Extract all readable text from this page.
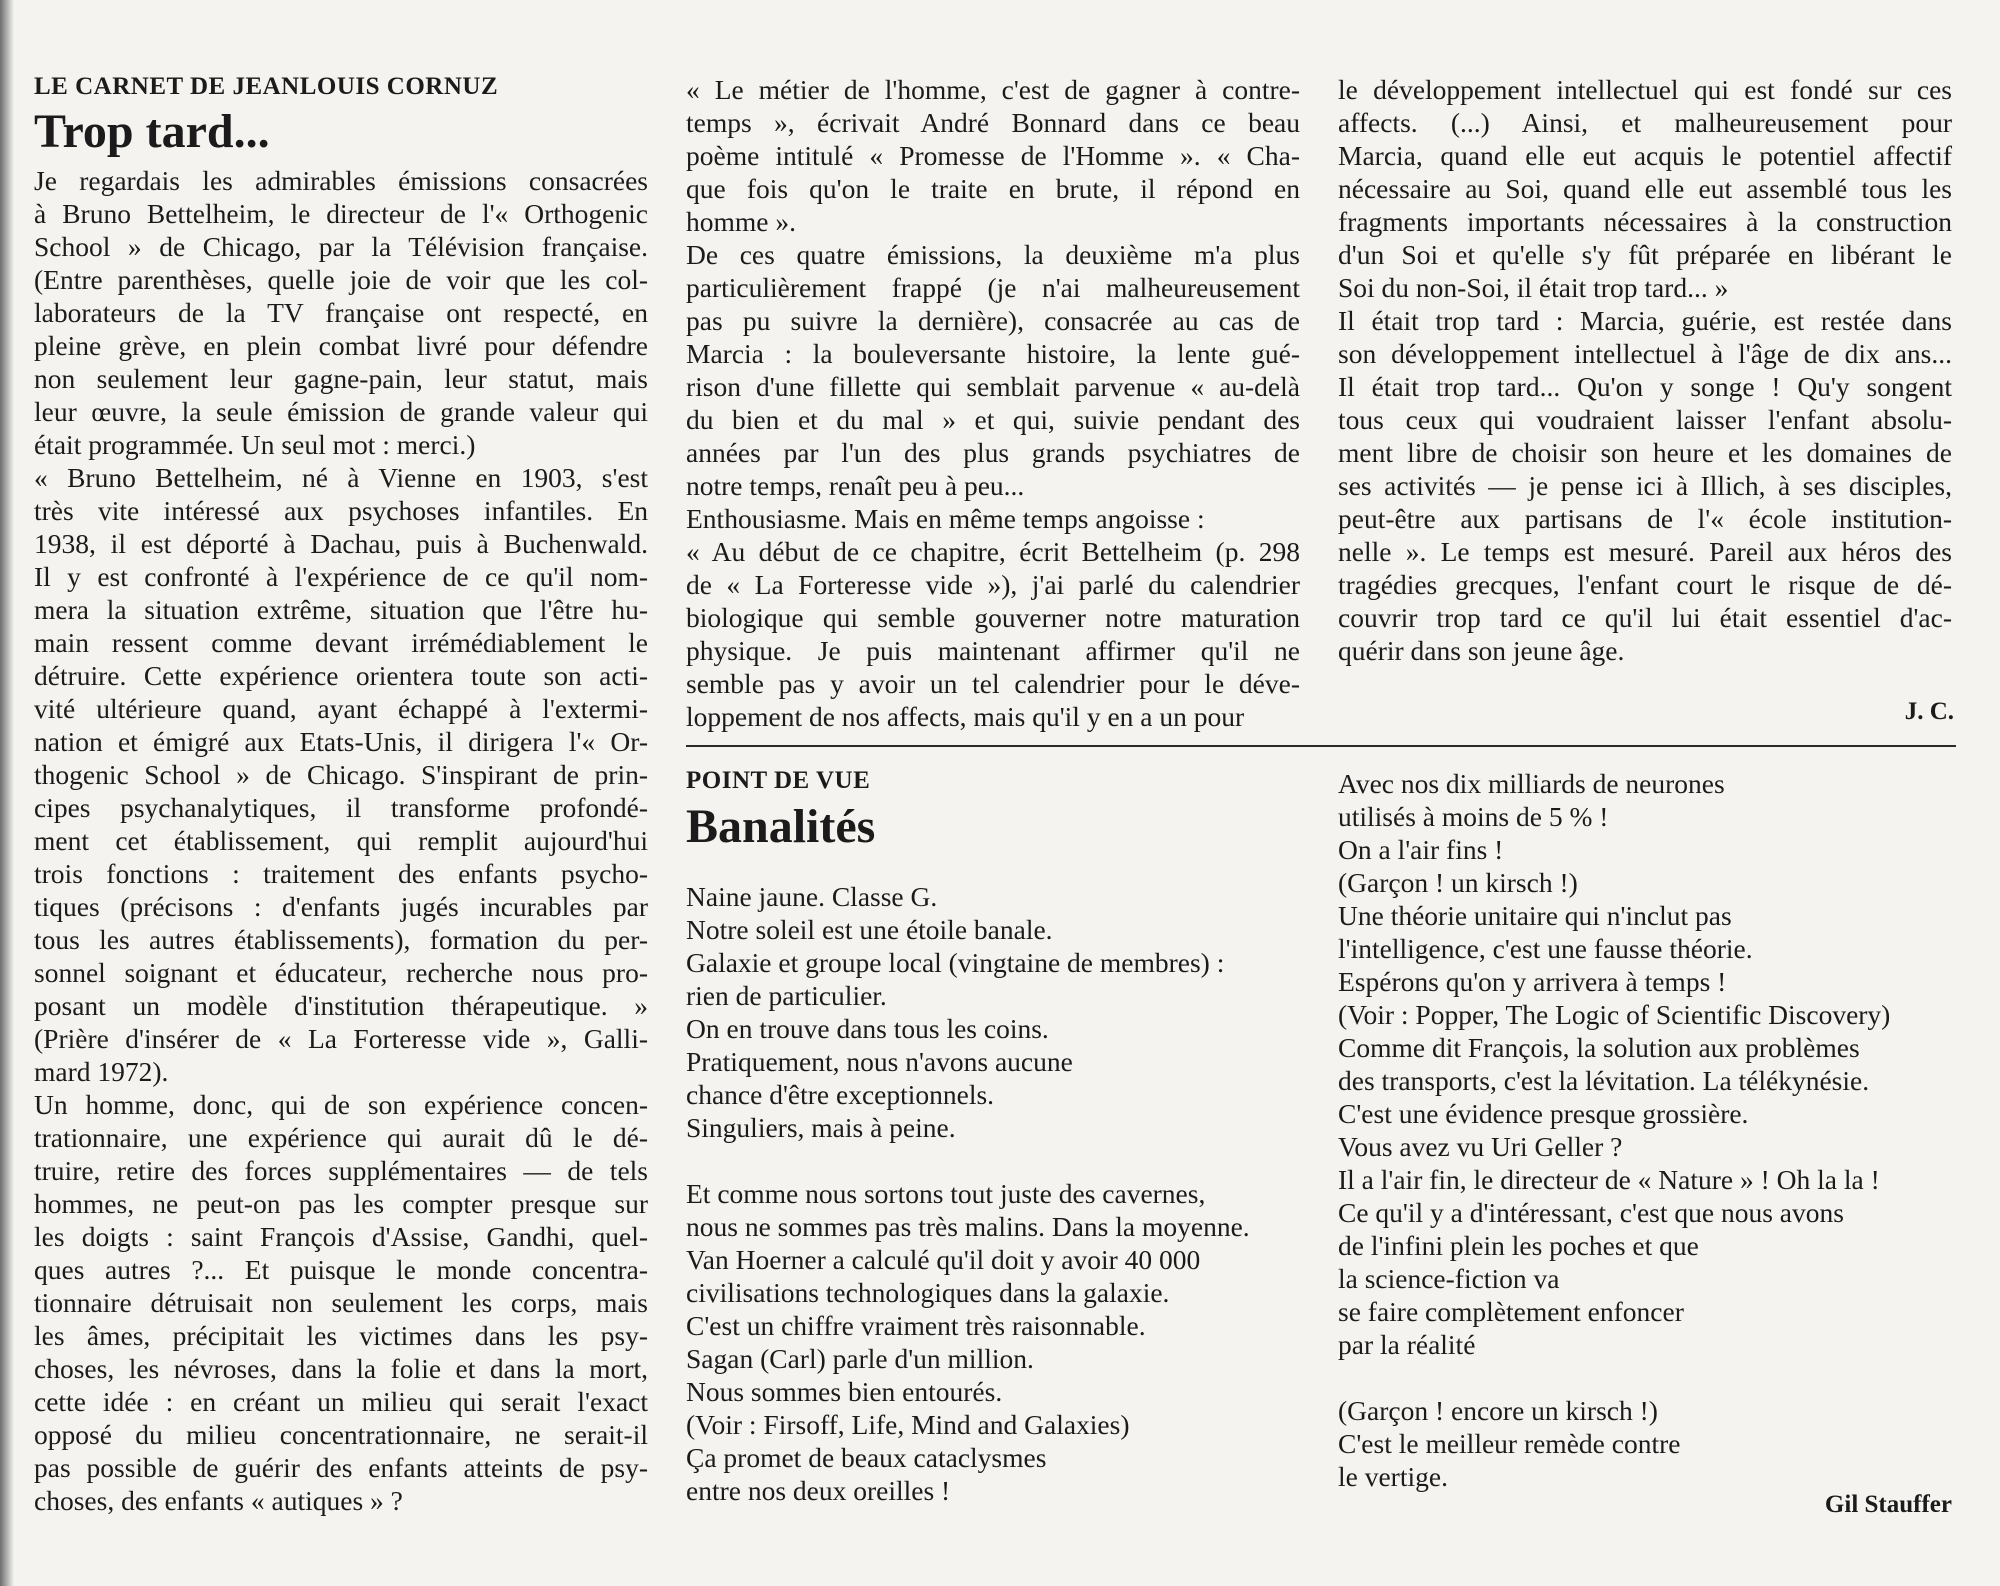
LE CARNET DE JEANLOUIS CORNUZ
Trop tard...
Je regardais les admirables émissions consacrées
à Bruno Bettelheim, le directeur de l'« Orthogenic
School » de Chicago, par la Télévision française.
(Entre parenthèses, quelle joie de voir que les col-
laborateurs de la TV française ont respecté, en
pleine grève, en plein combat livré pour défendre
non seulement leur gagne-pain, leur statut, mais
leur œuvre, la seule émission de grande valeur qui
était programmée. Un seul mot : merci.)
« Bruno Bettelheim, né à Vienne en 1903, s'est
très vite intéressé aux psychoses infantiles. En
1938, il est déporté à Dachau, puis à Buchenwald.
Il y est confronté à l'expérience de ce qu'il nom-
mera la situation extrême, situation que l'être hu-
main ressent comme devant irrémédiablement le
détruire. Cette expérience orientera toute son acti-
vité ultérieure quand, ayant échappé à l'extermi-
nation et émigré aux Etats-Unis, il dirigera l'« Or-
thogenic School » de Chicago. S'inspirant de prin-
cipes psychanalytiques, il transforme profondé-
ment cet établissement, qui remplit aujourd'hui
trois fonctions : traitement des enfants psycho-
tiques (précisons : d'enfants jugés incurables par
tous les autres établissements), formation du per-
sonnel soignant et éducateur, recherche nous pro-
posant un modèle d'institution thérapeutique. »
(Prière d'insérer de « La Forteresse vide », Galli-
mard 1972).
Un homme, donc, qui de son expérience concen-
trationnaire, une expérience qui aurait dû le dé-
truire, retire des forces supplémentaires — de tels
hommes, ne peut-on pas les compter presque sur
les doigts : saint François d'Assise, Gandhi, quel-
ques autres ?... Et puisque le monde concentra-
tionnaire détruisait non seulement les corps, mais
les âmes, précipitait les victimes dans les psy-
choses, les névroses, dans la folie et dans la mort,
cette idée : en créant un milieu qui serait l'exact
opposé du milieu concentrationnaire, ne serait-il
pas possible de guérir des enfants atteints de psy-
choses, des enfants « autiques » ?
« Le métier de l'homme, c'est de gagner à contre-
temps », écrivait André Bonnard dans ce beau
poème intitulé « Promesse de l'Homme ». « Cha-
que fois qu'on le traite en brute, il répond en
homme ».
De ces quatre émissions, la deuxième m'a plus
particulièrement frappé (je n'ai malheureusement
pas pu suivre la dernière), consacrée au cas de
Marcia : la bouleversante histoire, la lente gué-
rison d'une fillette qui semblait parvenue « au-delà
du bien et du mal » et qui, suivie pendant des
années par l'un des plus grands psychiatres de
notre temps, renaît peu à peu...
Enthousiasme. Mais en même temps angoisse :
« Au début de ce chapitre, écrit Bettelheim (p. 298
de « La Forteresse vide »), j'ai parlé du calendrier
biologique qui semble gouverner notre maturation
physique. Je puis maintenant affirmer qu'il ne
semble pas y avoir un tel calendrier pour le déve-
loppement de nos affects, mais qu'il y en a un pour
le développement intellectuel qui est fondé sur ces
affects. (...) Ainsi, et malheureusement pour
Marcia, quand elle eut acquis le potentiel affectif
nécessaire au Soi, quand elle eut assemblé tous les
fragments importants nécessaires à la construction
d'un Soi et qu'elle s'y fût préparée en libérant le
Soi du non-Soi, il était trop tard... »
Il était trop tard : Marcia, guérie, est restée dans
son développement intellectuel à l'âge de dix ans...
Il était trop tard... Qu'on y songe ! Qu'y songent
tous ceux qui voudraient laisser l'enfant absolu-
ment libre de choisir son heure et les domaines de
ses activités — je pense ici à Illich, à ses disciples,
peut-être aux partisans de l'« école institution-
nelle ». Le temps est mesuré. Pareil aux héros des
tragédies grecques, l'enfant court le risque de dé-
couvrir trop tard ce qu'il lui était essentiel d'ac-
quérir dans son jeune âge.
J. C.
POINT DE VUE
Banalités
Naine jaune. Classe G.
Notre soleil est une étoile banale.
Galaxie et groupe local (vingtaine de membres) :
rien de particulier.
On en trouve dans tous les coins.
Pratiquement, nous n'avons aucune
chance d'être exceptionnels.
Singuliers, mais à peine.
Et comme nous sortons tout juste des cavernes,
nous ne sommes pas très malins. Dans la moyenne.
Van Hoerner a calculé qu'il doit y avoir 40 000
civilisations technologiques dans la galaxie.
C'est un chiffre vraiment très raisonnable.
Sagan (Carl) parle d'un million.
Nous sommes bien entourés.
(Voir : Firsoff, Life, Mind and Galaxies)
Ça promet de beaux cataclysmes
entre nos deux oreilles !
Avec nos dix milliards de neurones
utilisés à moins de 5 % !
On a l'air fins !
(Garçon ! un kirsch !)
Une théorie unitaire qui n'inclut pas
l'intelligence, c'est une fausse théorie.
Espérons qu'on y arrivera à temps !
(Voir : Popper, The Logic of Scientific Discovery)
Comme dit François, la solution aux problèmes
des transports, c'est la lévitation. La télékynésie.
C'est une évidence presque grossière.
Vous avez vu Uri Geller ?
Il a l'air fin, le directeur de « Nature » ! Oh la la !
Ce qu'il y a d'intéressant, c'est que nous avons
de l'infini plein les poches et que
la science-fiction va
se faire complètement enfoncer
par la réalité
(Garçon ! encore un kirsch !)
C'est le meilleur remède contre
le vertige.
Gil Stauffer
